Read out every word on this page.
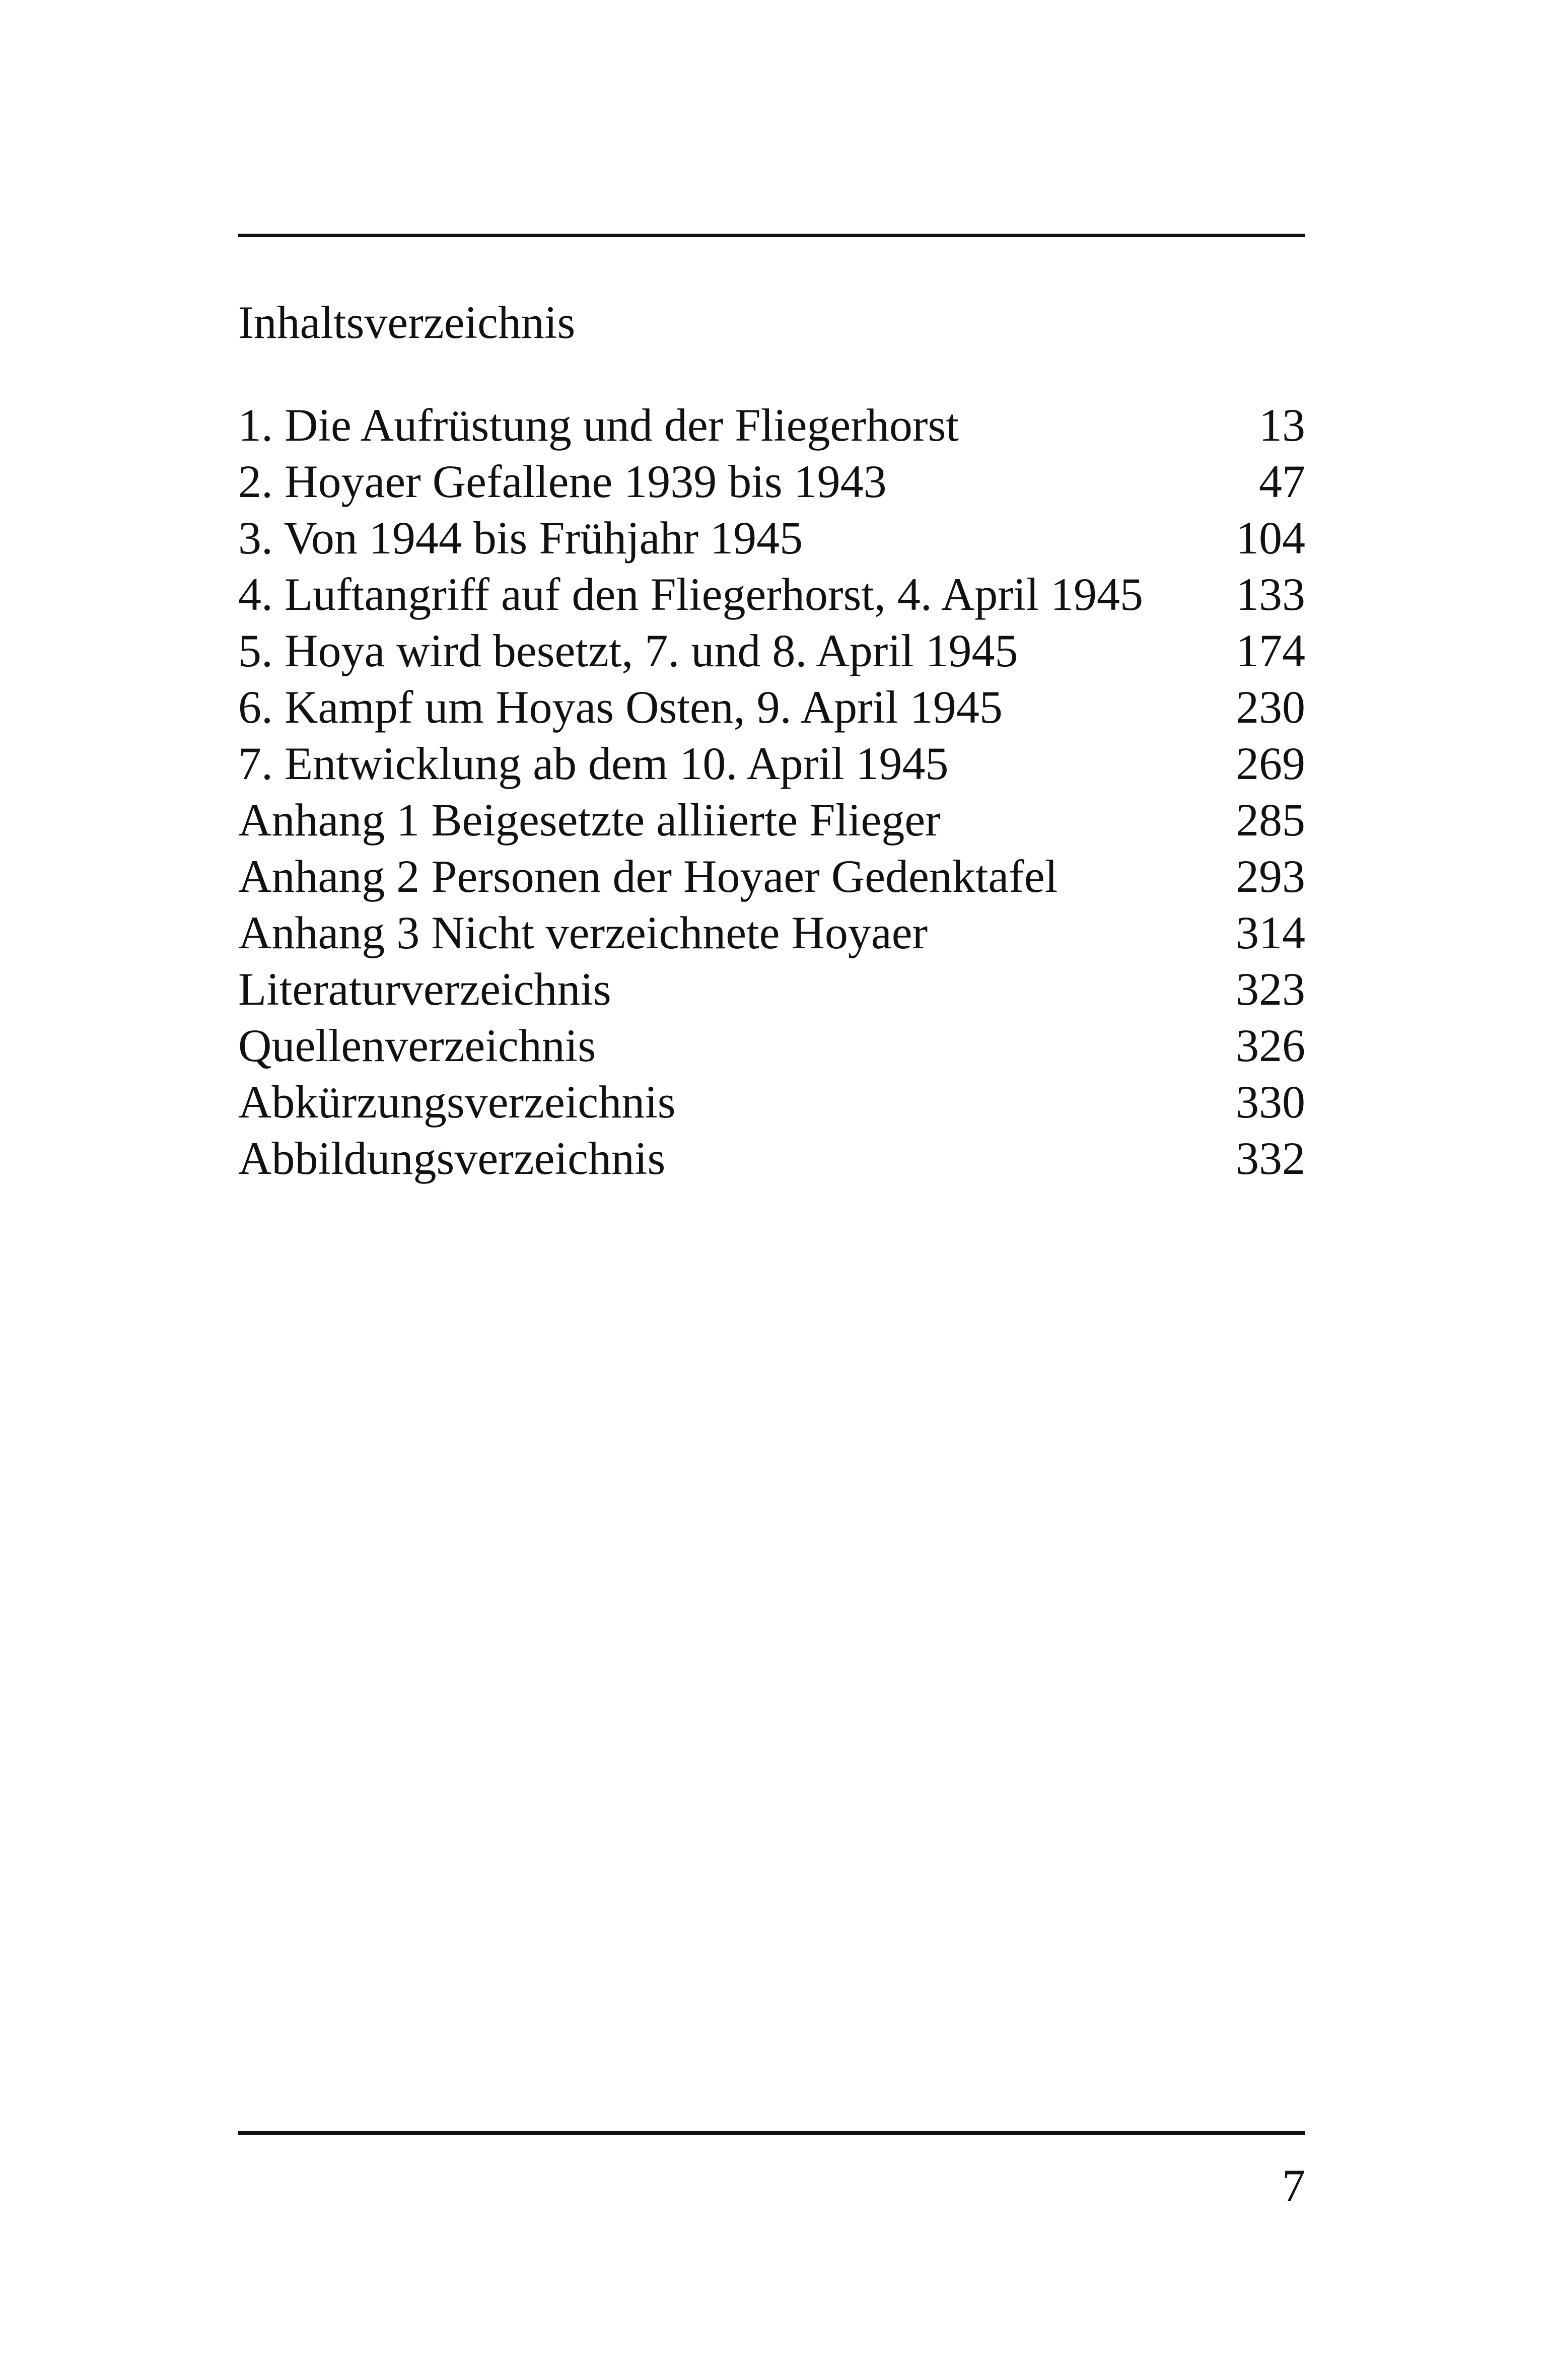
Inhaltsverzeichnis
1. Die Aufrüstung und der Fliegerhorst	13
2. Hoyaer Gefallene 1939 bis 1943	47
3. Von 1944 bis Frühjahr 1945	104
4. Luftangriff auf den Fliegerhorst, 4. April 1945	133
5. Hoya wird besetzt, 7. und 8. April 1945	174
6. Kampf um Hoyas Osten, 9. April 1945	230
7. Entwicklung ab dem 10. April 1945	269
Anhang 1 Beigesetzte alliierte Flieger	285
Anhang 2 Personen der Hoyaer Gedenktafel	293
Anhang 3 Nicht verzeichnete Hoyaer	314
Literaturverzeichnis	323
Quellenverzeichnis	326
Abkürzungsverzeichnis	330
Abbildungsverzeichnis	332
7
